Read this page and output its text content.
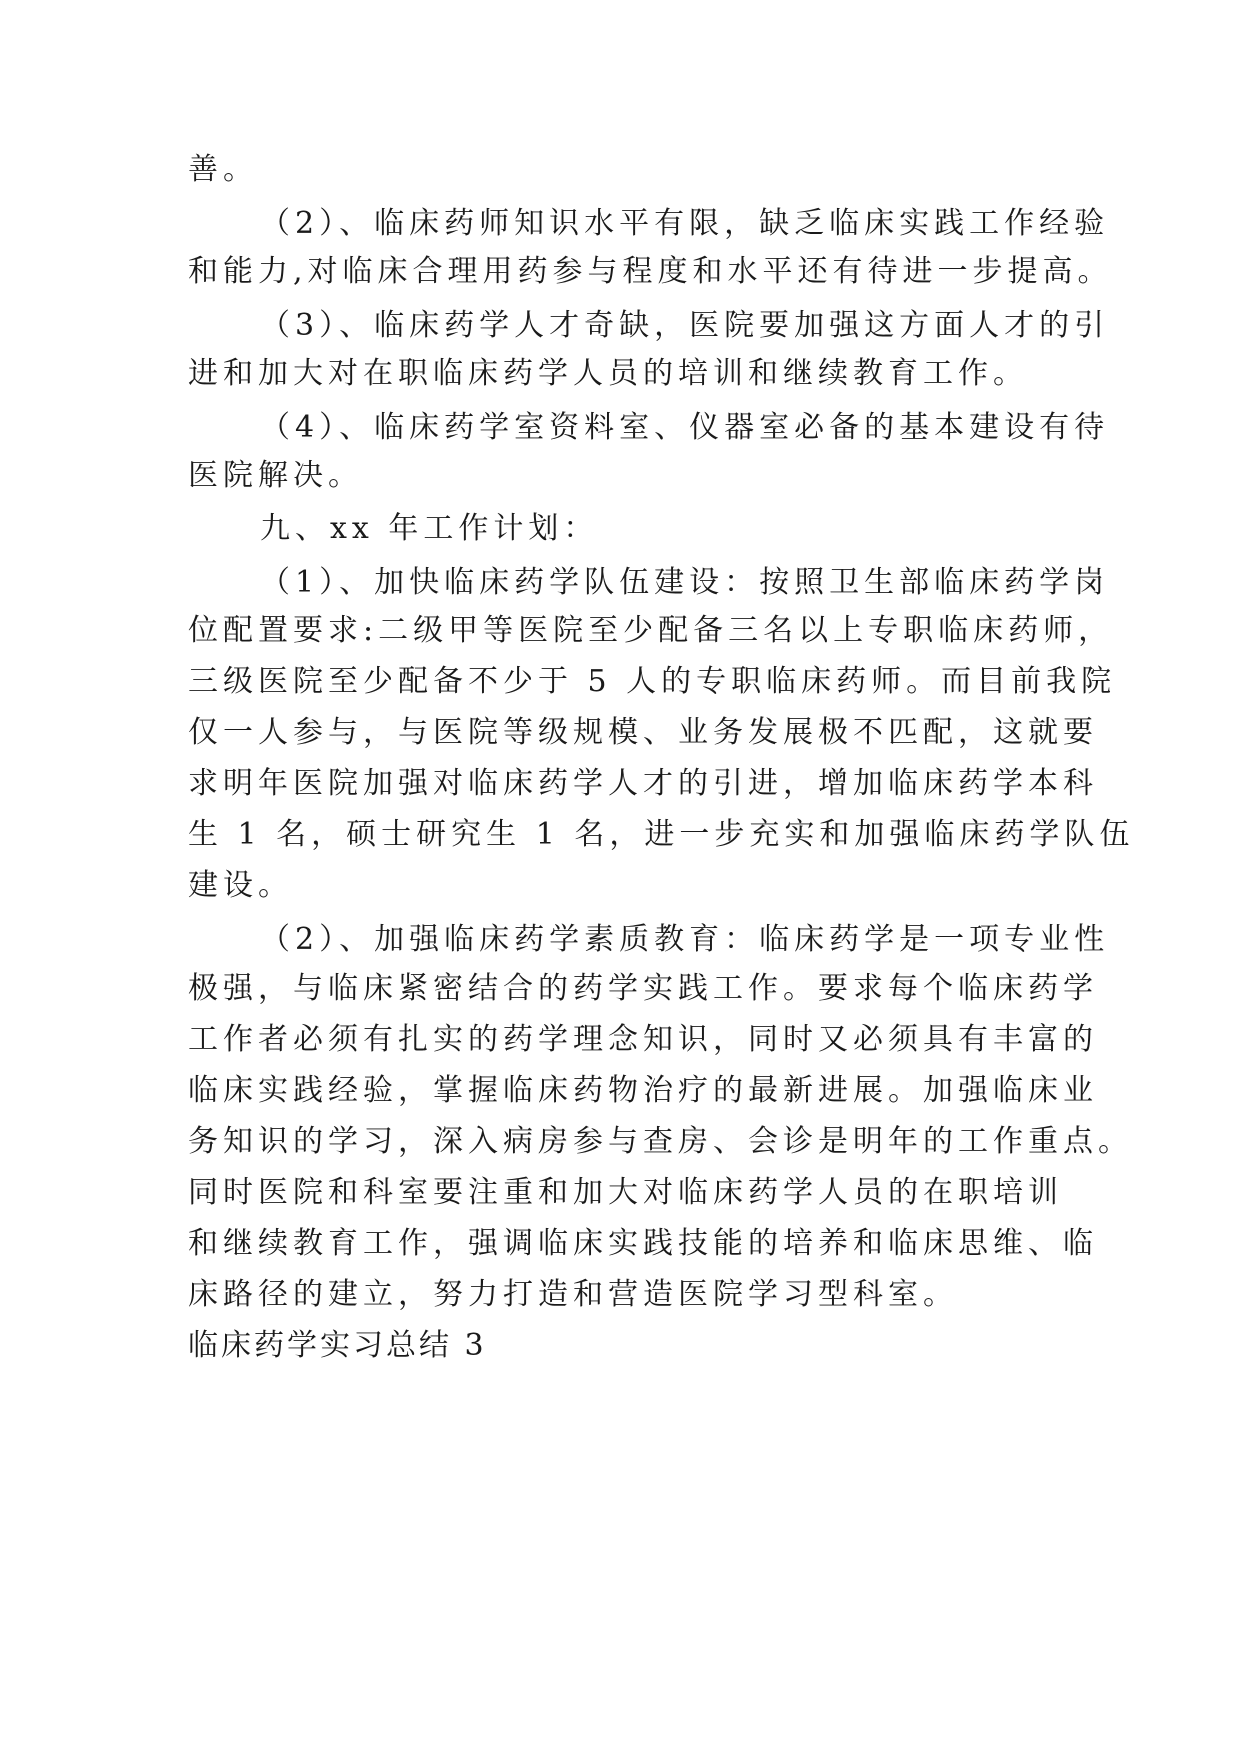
善。
（2）、临床药师知识水平有限，缺乏临床实践工作经验
和能力,对临床合理用药参与程度和水平还有待进一步提高。
（3）、临床药学人才奇缺，医院要加强这方面人才的引
进和加大对在职临床药学人员的培训和继续教育工作。
（4）、临床药学室资料室、仪器室必备的基本建设有待
医院解决。
九、xx 年工作计划：
（1）、加快临床药学队伍建设：按照卫生部临床药学岗
位配置要求:二级甲等医院至少配备三名以上专职临床药师，
三级医院至少配备不少于 5 人的专职临床药师。而目前我院
仅一人参与，与医院等级规模、业务发展极不匹配，这就要
求明年医院加强对临床药学人才的引进，增加临床药学本科
生 1 名，硕士研究生 1 名，进一步充实和加强临床药学队伍
建设。
（2）、加强临床药学素质教育：临床药学是一项专业性
极强，与临床紧密结合的药学实践工作。要求每个临床药学
工作者必须有扎实的药学理念知识，同时又必须具有丰富的
临床实践经验，掌握临床药物治疗的最新进展。加强临床业
务知识的学习，深入病房参与查房、会诊是明年的工作重点。
同时医院和科室要注重和加大对临床药学人员的在职培训
和继续教育工作，强调临床实践技能的培养和临床思维、临
床路径的建立，努力打造和营造医院学习型科室。
临床药学实习总结 3
